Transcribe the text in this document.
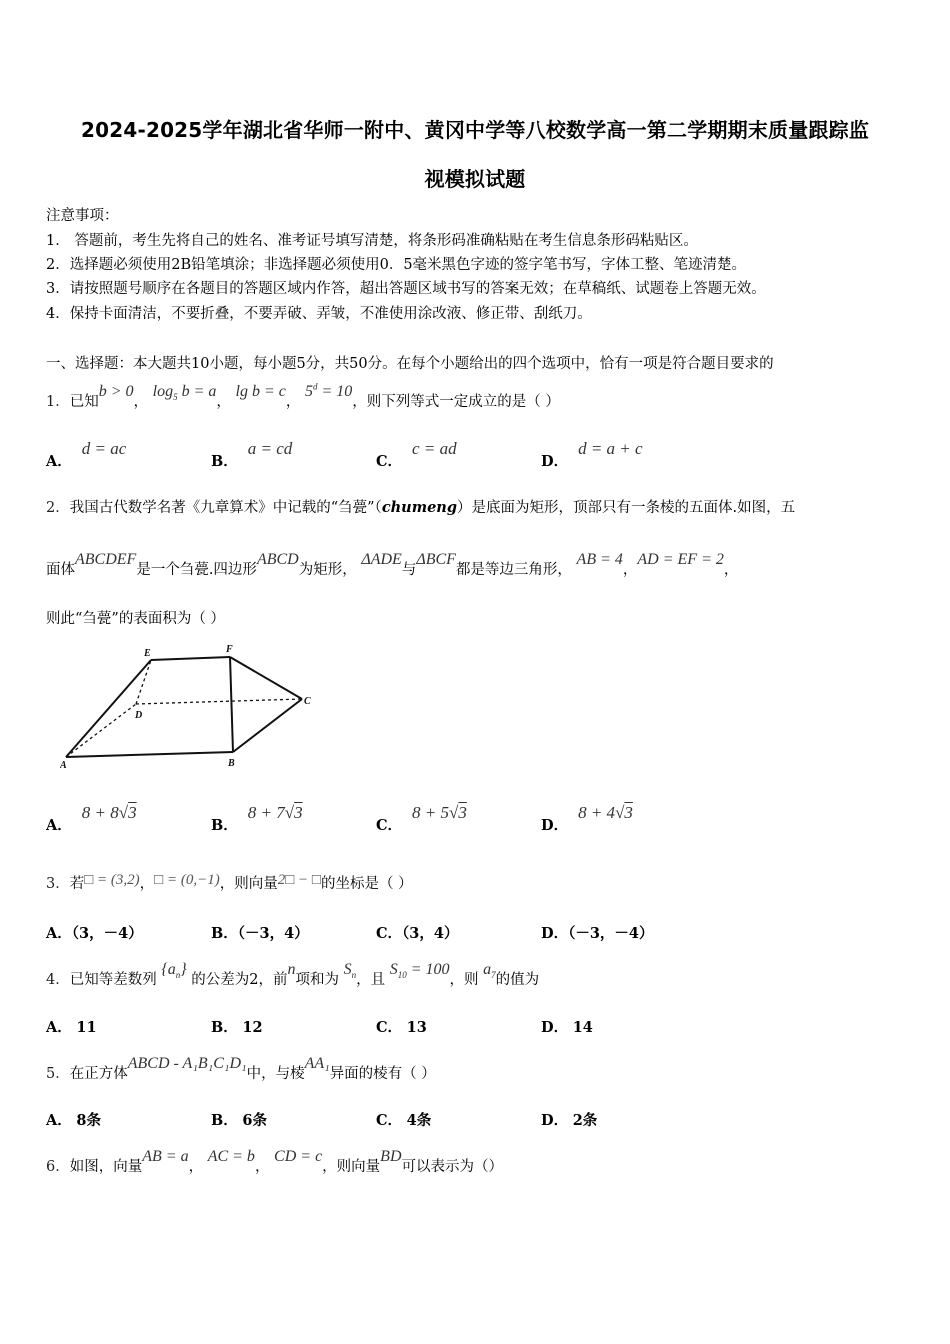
2024-2025学年湖北省华师一附中、黄冈中学等八校数学高一第二学期期末质量跟踪监
视模拟试题
注意事项：
1． 答题前，考生先将自己的姓名、准考证号填写清楚，将条形码准确粘贴在考生信息条形码粘贴区。
2．选择题必须使用2B铅笔填涂；非选择题必须使用0．5毫米黑色字迹的签字笔书写，字体工整、笔迹清楚。
3．请按照题号顺序在各题目的答题区域内作答，超出答题区域书写的答案无效；在草稿纸、试题卷上答题无效。
4．保持卡面清洁，不要折叠，不要弄破、弄皱，不准使用涂改液、修正带、刮纸刀。
一、选择题：本大题共10小题，每小题5分，共50分。在每个小题给出的四个选项中，恰有一项是符合题目要求的
1．已知b > 0， $\log_5 b = a$， lg b = c， $5^d = 10$，则下列等式一定成立的是（ ）
A．d = ac
B．a = cd
C．c = ad
D．d = a + c
2．我国古代数学名著《九章算术》中记载的“刍甍”（chumeng）是底面为矩形，顶部只有一条棱的五面体.如图，五
面体ABCDEF是一个刍甍.四边形ABCD为矩形， ΔADE与ΔBCF都是等边三角形， AB = 4，AD = EF = 2，
则此“刍甍”的表面积为（ ）
A	B
C
D
E	F
A．8 + 8√3
B．8 + 7√3
C．8 + 5√3
D．8 + 4√3
3．若□ = (3,2)，□ = (0,−1)，则向量2□ − □的坐标是（ ）
A．（3，－4）	B．（－3，4）	C．（3，4）	D．（－3，－4）
4．已知等差数列 $\{a_n\}$ 的公差为2，前n项和为 $S_n$，且 $S_{10} = 100$，则 $a_7$的值为
A． 11	B． 12	C． 13	D． 14
5．在正方体ABCD - A₁B₁C₁D₁中，与棱AA₁异面的棱有（ ）
A． 8条	B． 6条	C． 4条	D． 2条
6．如图，向量AB = a， AC = b， CD = c，则向量BD可以表示为（）
